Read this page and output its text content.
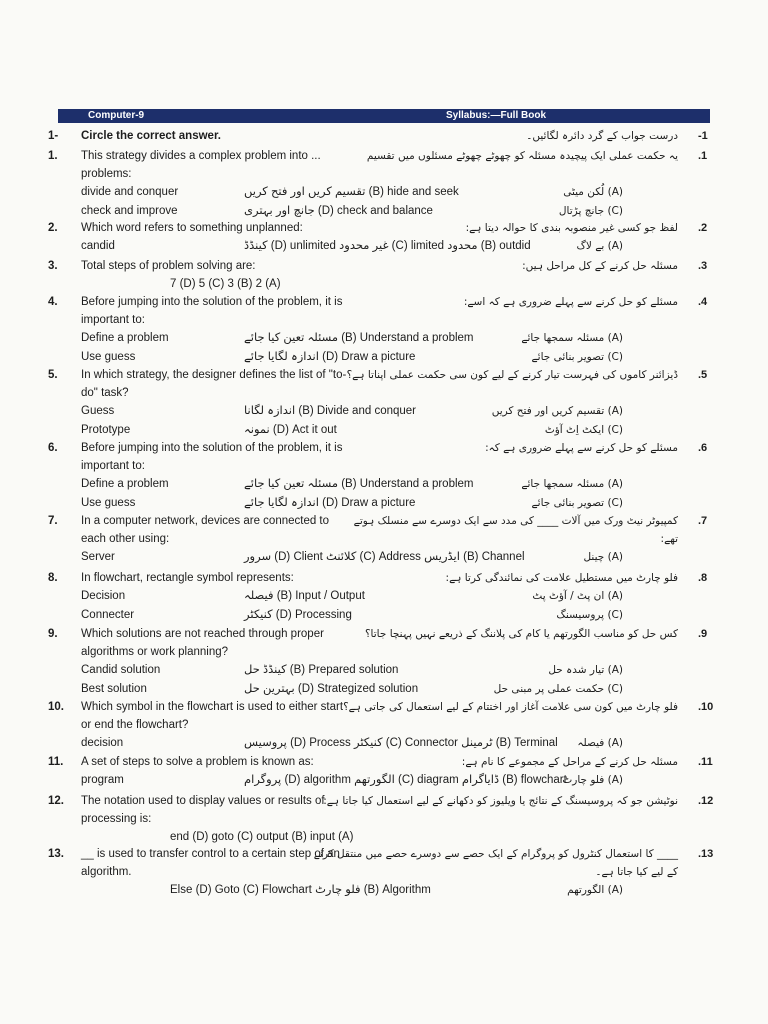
Computer-9	Syllabus:—Full Book
1- Circle the correct answer.	درست جواب کے گرد دائرہ لگائیں۔ -1
1.	.1
یہ حکمت عملی ایک پیچیدہ مسئلہ کو چھوٹے چھوٹے مسئلوں میں تقسیم
This strategy divides a complex problem into ...
problems:
divide and conquer	تقسیم کریں اور فتح کریں (B) hide and seek	(A) لُکن میٹی
check and improve	جانچ اور بہتری (D) check and balance	(C) جانچ پڑتال
2.	.2
لفظ جو کسی غیر منصوبہ بندی کا حوالہ دیتا ہے:
Which word refers to something unplanned:
candid	کینڈڈ (D) unlimited غیر محدود (C) limited محدود (B) outdid	(A) بے لاگ
3.	.3
مسئلہ حل کرنے کے کل مراحل ہیں:
Total steps of problem solving are:
7 (D) 5 (C) 3 (B) 2 (A)
4.	.4
مسئلے کو حل کرنے سے پہلے ضروری ہے کہ اسے:
Before jumping into the solution of the problem, it is
important to:
Define a problem	مسئلہ تعین کیا جائے (B) Understand a problem	(A) مسئلہ سمجھا جائے
Use guess	اندازہ لگایا جائے (D) Draw a picture	(C) تصویر بنائی جائے
5.	.5
ڈیزائنر کاموں کی فہرست تیار کرنے کے لیے کون سی حکمت عملی اپناتا ہے؟
In which strategy, the designer defines the list of "to-
do" task?
Guess	اندازہ لگانا (B) Divide and conquer	(A) تقسیم کریں اور فتح کریں
Prototype	نمونہ (D) Act it out	(C) ایکٹ اِٹ آؤٹ
6.	.6
مسئلے کو حل کرنے سے پہلے ضروری ہے کہ:
Before jumping into the solution of the problem, it is
important to:
Define a problem	مسئلہ تعین کیا جائے (B) Understand a problem	(A) مسئلہ سمجھا جائے
Use guess	اندازہ لگایا جائے (D) Draw a picture	(C) تصویر بنائی جائے
7.	.7
کمپیوٹر نیٹ ورک میں آلات ____ کی مدد سے ایک دوسرے سے منسلک ہوتے
تھے:
In a computer network, devices are connected to
each other using:
Server	سرور (D) Client کلائنٹ (C) Address ایڈریس (B) Channel	(A) چینل
8.	.8
فلو چارٹ میں مستطیل علامت کی نمائندگی کرتا ہے:
In flowchart, rectangle symbol represents:
Decision	فیصلہ (B) Input / Output	(A) ان پٹ / آؤٹ پٹ
Connecter	کنیکٹر (D) Processing	(C) پروسیسنگ
9.	.9
کس حل کو مناسب الگورتھم یا کام کی پلاننگ کے ذریعے نہیں پہنچا جاتا؟
Which solutions are not reached through proper
algorithms or work planning?
Candid solution	کینڈڈ حل (B) Prepared solution	(A) تیار شدہ حل
Best solution	بہترین حل (D) Strategized solution	(C) حکمت عملی پر مبنی حل
10.	.10
فلو چارٹ میں کون سی علامت آغاز اور اختتام کے لیے استعمال کی جاتی ہے؟
Which symbol in the flowchart is used to either start
or end the flowchart?
decision	پروسیس (D) Process کنیکٹر (C) Connector ٹرمینل (B) Terminal (A) فیصلہ
11.	.11
مسئلہ حل کرنے کے مراحل کے مجموعے کا نام ہے:
A set of steps to solve a problem is known as:
program	پروگرام (D) algorithm الگورتھم (C) diagram ڈایاگرام (B) flowchart
(A) فلو چارٹ
12.	.12
نوٹیشن جو کہ پروسیسنگ کے نتائج یا ویلیوز کو دکھانے کے لیے استعمال کیا جاتا ہے:
The notation used to display values or results of
processing is:
end (D) goto (C) output (B) input (A)
13.	.13
____ کا استعمال کنٹرول کو پروگرام کے ایک حصے سے دوسرے حصے میں منتقل کرنے
کے لیے کیا جاتا ہے۔
__ is used to transfer control to a certain step of an
algorithm.
Else (D) Goto (C) Flowchart فلو چارٹ (B) Algorithm	(A) الگورتھم
